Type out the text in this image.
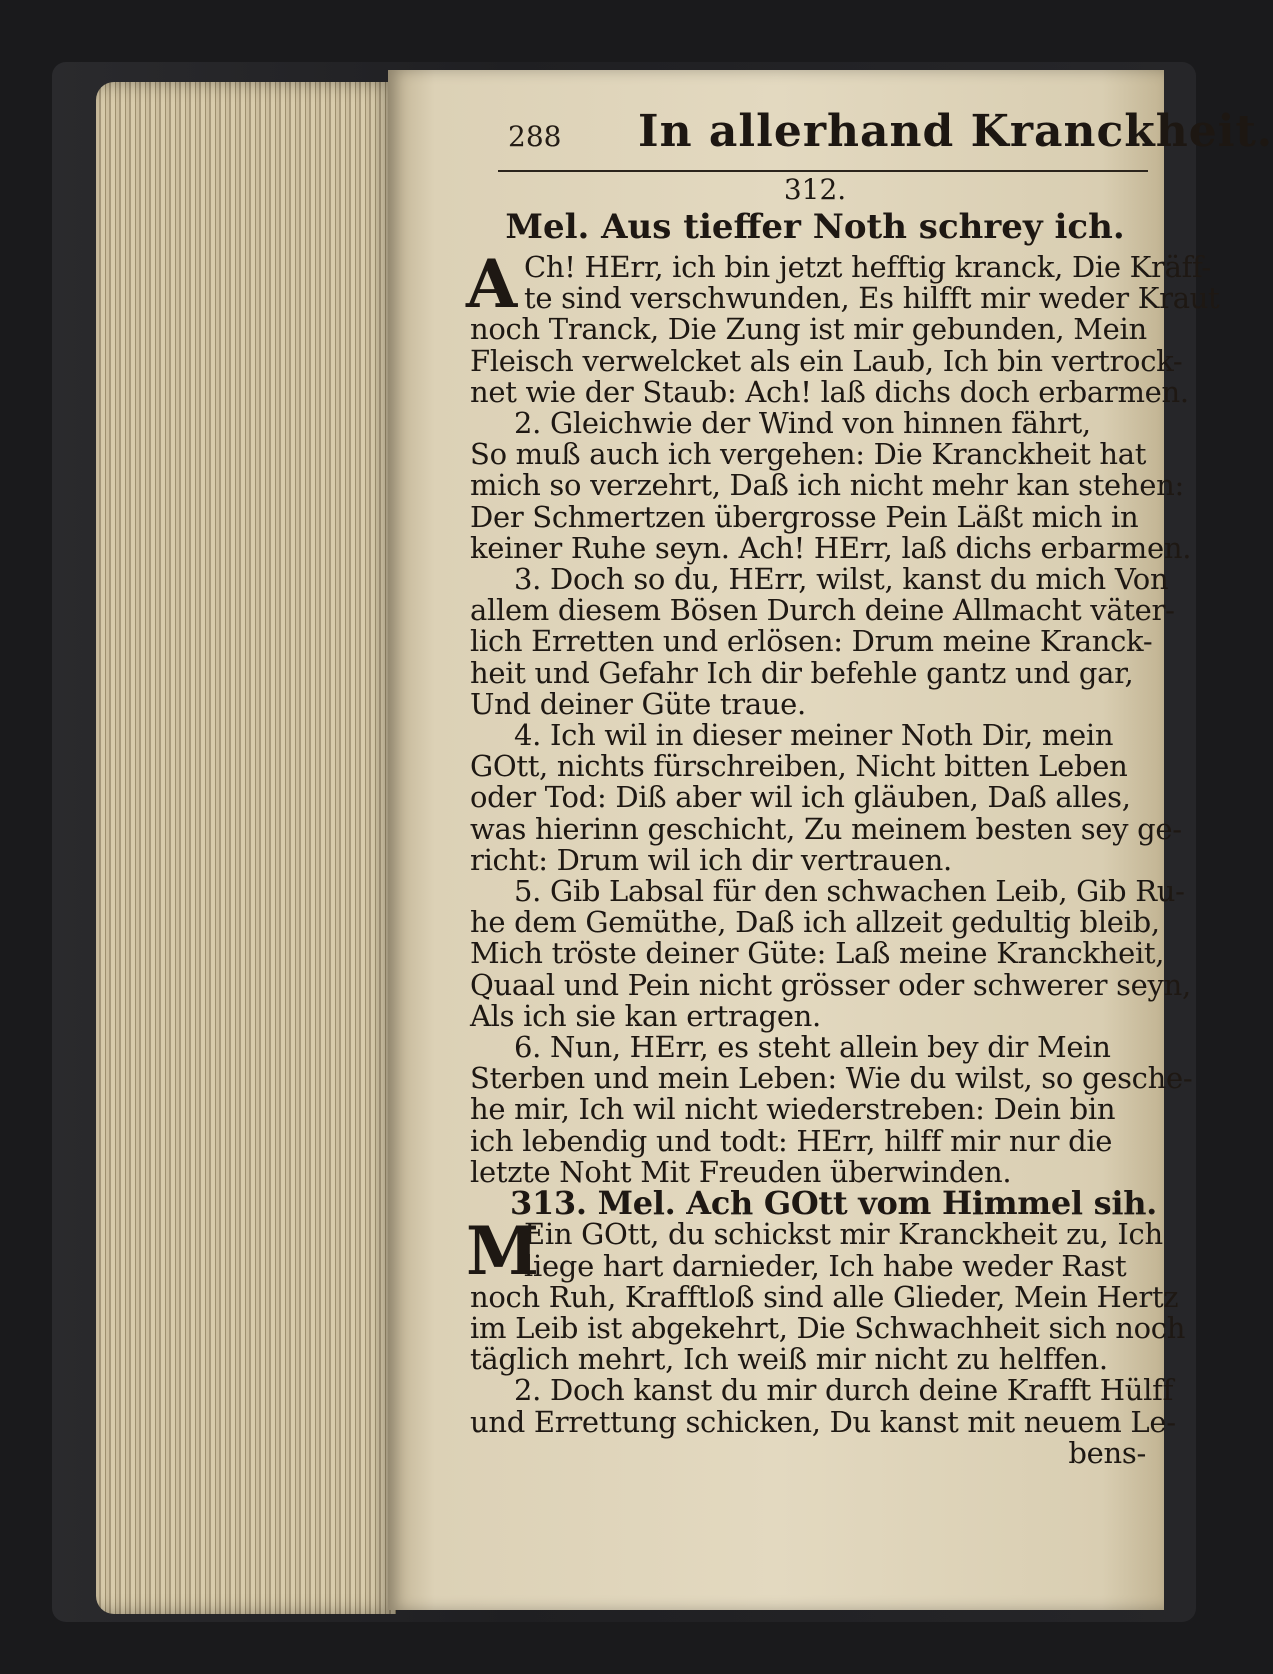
288 In allerhand Kranckheit.

312.

Mel. Aus tieffer Noth schrey ich.

A Ch! HErr, ich bin jetzt hefftig kranck, Die Kräff-
te sind verschwunden, Es hilfft mir weder Kraut
noch Tranck, Die Zung ist mir gebunden, Mein
Fleisch verwelcket als ein Laub, Ich bin vertrock-
net wie der Staub: Ach! laß dichs doch erbarmen.
2. Gleichwie der Wind von hinnen fährt,
So muß auch ich vergehen: Die Kranckheit hat
mich so verzehrt, Daß ich nicht mehr kan stehen:
Der Schmertzen übergrosse Pein Läßt mich in
keiner Ruhe seyn. Ach! HErr, laß dichs erbarmen.
3. Doch so du, HErr, wilst, kanst du mich Von
allem diesem Bösen Durch deine Allmacht väter-
lich Erretten und erlösen: Drum meine Kranck-
heit und Gefahr Ich dir befehle gantz und gar,
Und deiner Güte traue.
4. Ich wil in dieser meiner Noth Dir, mein
GOtt, nichts fürschreiben, Nicht bitten Leben
oder Tod: Diß aber wil ich gläuben, Daß alles,
was hierinn geschicht, Zu meinem besten sey ge-
richt: Drum wil ich dir vertrauen.
5. Gib Labsal für den schwachen Leib, Gib Ru-
he dem Gemüthe, Daß ich allzeit gedultig bleib,
Mich tröste deiner Güte: Laß meine Kranckheit,
Quaal und Pein nicht grösser oder schwerer seyn,
Als ich sie kan ertragen.
6. Nun, HErr, es steht allein bey dir Mein
Sterben und mein Leben: Wie du wilst, so gesche-
he mir, Ich wil nicht wiederstreben: Dein bin
ich lebendig und todt: HErr, hilff mir nur die
letzte Noht Mit Freuden überwinden.
313. Mel. Ach GOtt vom Himmel sih.
M
Ein GOtt, du schickst mir Kranckheit zu, Ich
liege hart darnieder, Ich habe weder Rast
noch Ruh, Krafftloß sind alle Glieder, Mein Hertz
im Leib ist abgekehrt, Die Schwachheit sich noch
täglich mehrt, Ich weiß mir nicht zu helffen.
2. Doch kanst du mir durch deine Krafft Hülff
und Errettung schicken, Du kanst mit neuem Le-
bens-
